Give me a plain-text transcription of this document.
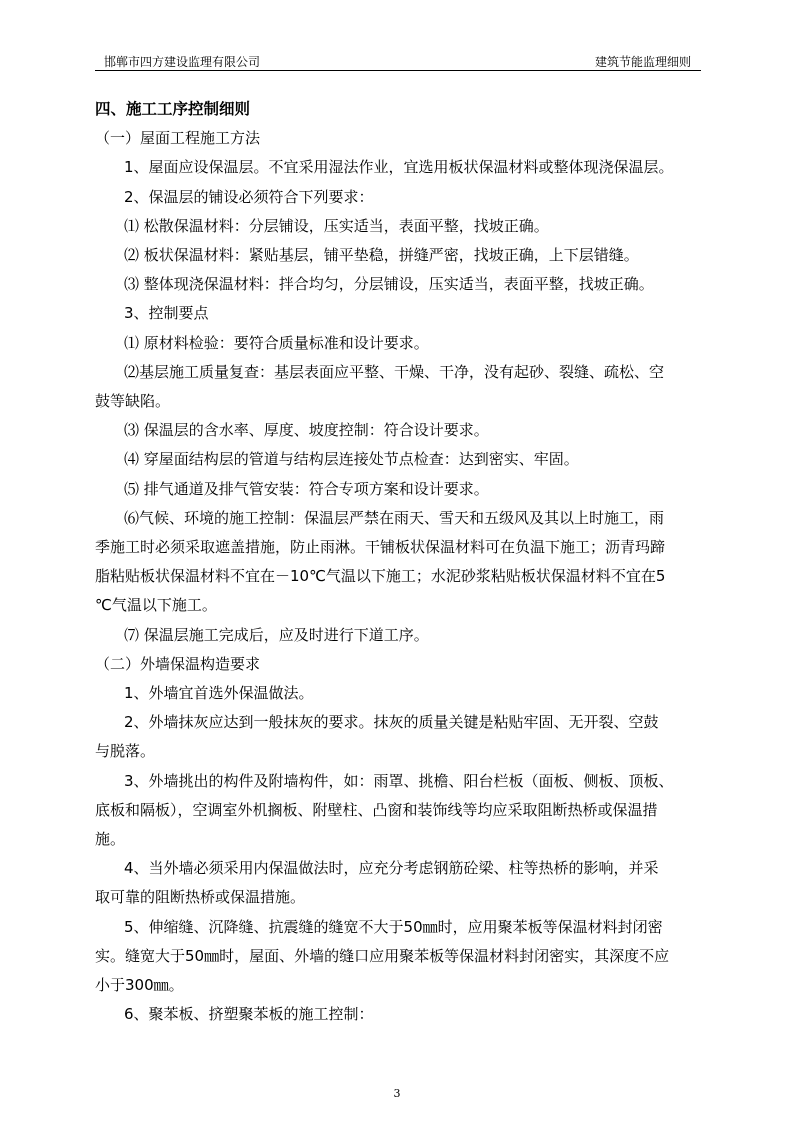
邯郸市四方建设监理有限公司	建筑节能监理细则
四、施工工序控制细则
（一）屋面工程施工方法
1、屋面应设保温层。不宜采用湿法作业，宜选用板状保温材料或整体现浇保温层。
2、保温层的铺设必须符合下列要求：
⑴ 松散保温材料：分层铺设，压实适当，表面平整，找坡正确。
⑵ 板状保温材料：紧贴基层，铺平垫稳，拼缝严密，找坡正确，上下层错缝。
⑶ 整体现浇保温材料：拌合均匀，分层铺设，压实适当，表面平整，找坡正确。
3、控制要点
⑴ 原材料检验：要符合质量标准和设计要求。
⑵基层施工质量复查：基层表面应平整、干燥、干净，没有起砂、裂缝、疏松、空
鼓等缺陷。
⑶ 保温层的含水率、厚度、坡度控制：符合设计要求。
⑷ 穿屋面结构层的管道与结构层连接处节点检查：达到密实、牢固。
⑸ 排气通道及排气管安装：符合专项方案和设计要求。
⑹气候、环境的施工控制：保温层严禁在雨天、雪天和五级风及其以上时施工，雨
季施工时必须采取遮盖措施，防止雨淋。干铺板状保温材料可在负温下施工；沥青玛蹄
脂粘贴板状保温材料不宜在－10℃气温以下施工；水泥砂浆粘贴板状保温材料不宜在5
℃气温以下施工。
⑺ 保温层施工完成后，应及时进行下道工序。
（二）外墙保温构造要求
1、外墙宜首选外保温做法。
2、外墙抹灰应达到一般抹灰的要求。抹灰的质量关键是粘贴牢固、无开裂、空鼓
与脱落。
3、外墙挑出的构件及附墙构件，如：雨罩、挑檐、阳台栏板（面板、侧板、顶板、
底板和隔板），空调室外机搁板、附壁柱、凸窗和装饰线等均应采取阻断热桥或保温措
施。
4、当外墙必须采用内保温做法时，应充分考虑钢筋砼梁、柱等热桥的影响，并采
取可靠的阻断热桥或保温措施。
5、伸缩缝、沉降缝、抗震缝的缝宽不大于50㎜时，应用聚苯板等保温材料封闭密
实。缝宽大于50㎜时，屋面、外墙的缝口应用聚苯板等保温材料封闭密实，其深度不应
小于300㎜。
6、聚苯板、挤塑聚苯板的施工控制：
3
